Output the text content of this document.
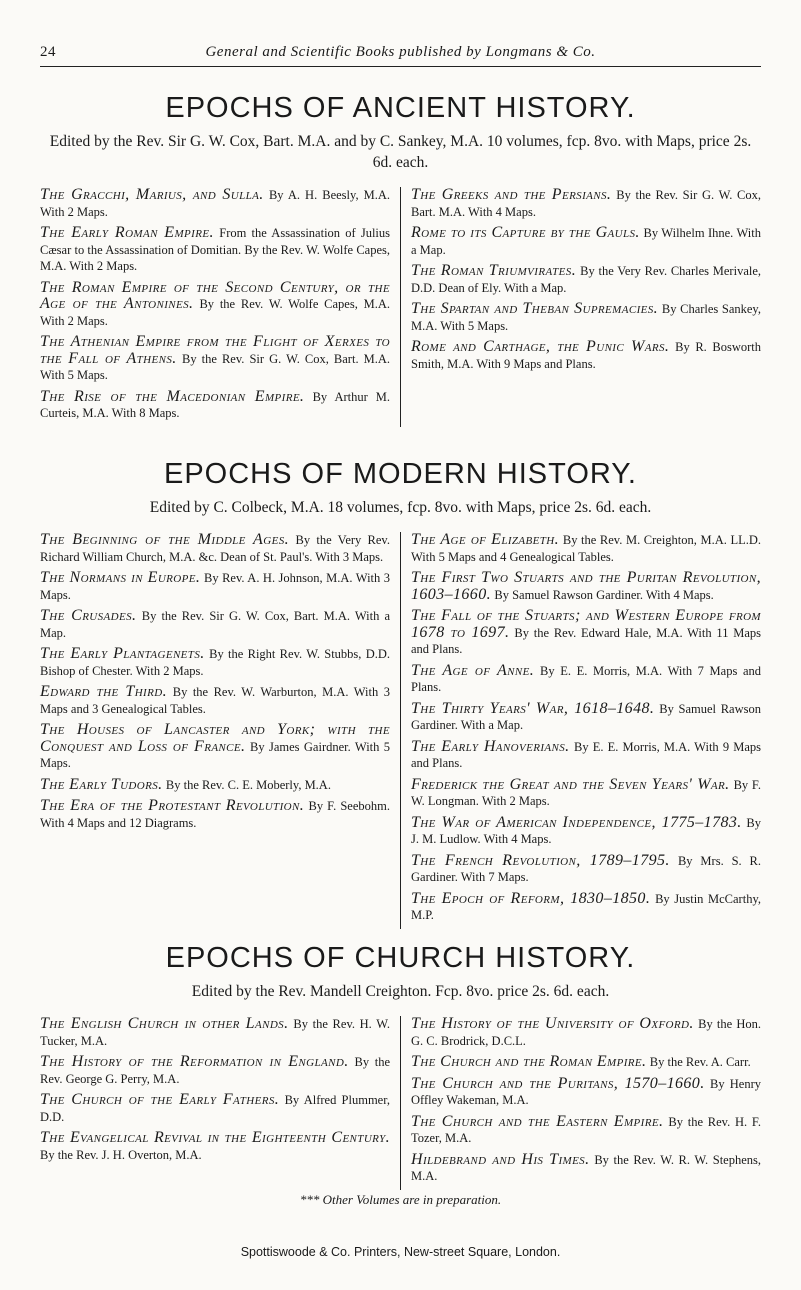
24	General and Scientific Books published by Longmans & Co.
EPOCHS OF ANCIENT HISTORY.

Edited by the Rev. Sir G. W. Cox, Bart. M.A. and by C. Sankey, M.A. 10 volumes, fcp. 8vo. with Maps, price 2s. 6d. each.

The Gracchi, Marius, and Sulla. By A. H. Beesly, M.A. With 2 Maps.
The Early Roman Empire. From the Assassination of Julius Cæsar to the Assassination of Domitian. By the Rev. W. Wolfe Capes, M.A. With 2 Maps.
The Roman Empire of the Second Century, or the Age of the Antonines. By the Rev. W. Wolfe Capes, M.A. With 2 Maps.
The Athenian Empire from the Flight of Xerxes to the Fall of Athens. By the Rev. Sir G. W. Cox, Bart. M.A. With 5 Maps.
The Rise of the Macedonian Empire. By Arthur M. Curteis, M.A. With 8 Maps.
The Greeks and the Persians. By the Rev. Sir G. W. Cox, Bart. M.A. With 4 Maps.
Rome to its Capture by the Gauls. By Wilhelm Ihne. With a Map.
The Roman Triumvirates. By the Very Rev. Charles Merivale, D.D. Dean of Ely. With a Map.
The Spartan and Theban Supremacies. By Charles Sankey, M.A. With 5 Maps.
Rome and Carthage, the Punic Wars. By R. Bosworth Smith, M.A. With 9 Maps and Plans.
EPOCHS OF MODERN HISTORY.

Edited by C. Colbeck, M.A. 18 volumes, fcp. 8vo. with Maps, price 2s. 6d. each.

The Beginning of the Middle Ages. By the Very Rev. Richard William Church, M.A. &c. Dean of St. Paul's. With 3 Maps.
The Normans in Europe. By Rev. A. H. Johnson, M.A. With 3 Maps.
The Crusades. By the Rev. Sir G. W. Cox, Bart. M.A. With a Map.
The Early Plantagenets. By the Right Rev. W. Stubbs, D.D. Bishop of Chester. With 2 Maps.
Edward the Third. By the Rev. W. Warburton, M.A. With 3 Maps and 3 Genealogical Tables.
The Houses of Lancaster and York; with the Conquest and Loss of France. By James Gairdner. With 5 Maps.
The Early Tudors. By the Rev. C. E. Moberly, M.A.
The Era of the Protestant Revolution. By F. Seebohm. With 4 Maps and 12 Diagrams.
The Age of Elizabeth. By the Rev. M. Creighton, M.A. LL.D. With 5 Maps and 4 Genealogical Tables.
The First Two Stuarts and the Puritan Revolution, 1603–1660. By Samuel Rawson Gardiner. With 4 Maps.
The Fall of the Stuarts; and Western Europe from 1678 to 1697. By the Rev. Edward Hale, M.A. With 11 Maps and Plans.
The Age of Anne. By E. E. Morris, M.A. With 7 Maps and Plans.
The Thirty Years' War, 1618–1648. By Samuel Rawson Gardiner. With a Map.
The Early Hanoverians. By E. E. Morris, M.A. With 9 Maps and Plans.
Frederick the Great and the Seven Years' War. By F. W. Longman. With 2 Maps.
The War of American Independence, 1775–1783. By J. M. Ludlow. With 4 Maps.
The French Revolution, 1789–1795. By Mrs. S. R. Gardiner. With 7 Maps.
The Epoch of Reform, 1830–1850. By Justin McCarthy, M.P.
EPOCHS OF CHURCH HISTORY.

Edited by the Rev. Mandell Creighton. Fcp. 8vo. price 2s. 6d. each.

The English Church in other Lands. By the Rev. H. W. Tucker, M.A.
The History of the Reformation in England. By the Rev. George G. Perry, M.A.
The Church of the Early Fathers. By Alfred Plummer, D.D.
The Evangelical Revival in the Eighteenth Century. By the Rev. J. H. Overton, M.A.
The History of the University of Oxford. By the Hon. G. C. Brodrick, D.C.L.
The Church and the Roman Empire. By the Rev. A. Carr.
The Church and the Puritans, 1570–1660. By Henry Offley Wakeman, M.A.
The Church and the Eastern Empire. By the Rev. H. F. Tozer, M.A.
Hildebrand and His Times. By the Rev. W. R. W. Stephens, M.A.
*** Other Volumes are in preparation.
Spottiswoode & Co. Printers, New-street Square, London.
